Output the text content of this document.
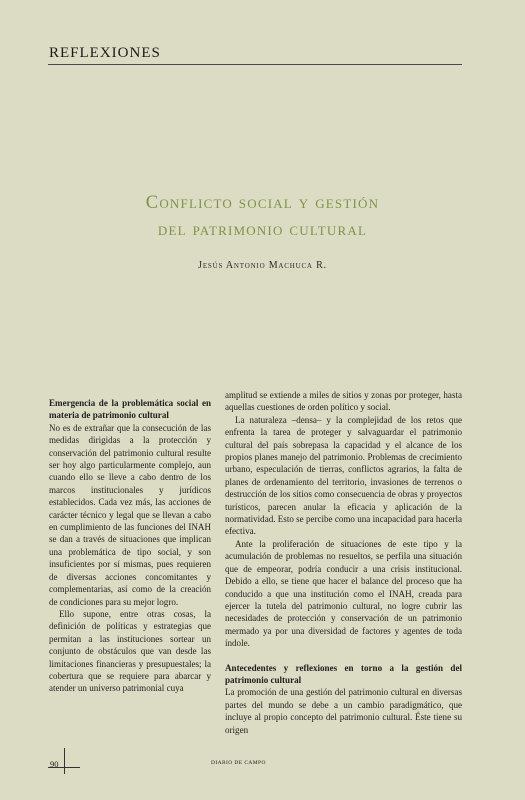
REFLEXIONES
Conflicto social y gestión
del patrimonio cultural
Jesús Antonio Machuca R.

Emergencia de la problemática social en materia de patrimonio cultural

No es de extrañar que la consecución de las medidas dirigidas a la protección y conservación del patrimonio cultural resulte ser hoy algo particularmente complejo, aun cuando ello se lleve a cabo dentro de los marcos institucionales y jurídicos establecidos. Cada vez más, las acciones de carácter técnico y legal que se llevan a cabo en cumplimiento de las funciones del INAH se dan a través de situaciones que implican una problemática de tipo social, y son insuficientes por sí mismas, pues requieren de diversas acciones concomitantes y complementarias, así como de la creación de condiciones para su mejor logro.

Ello supone, entre otras cosas, la definición de políticas y estrategias que permitan a las instituciones sortear un conjunto de obstáculos que van desde las limitaciones financieras y presupuestales; la cobertura que se requiere para abarcar y atender un universo patrimonial cuya

amplitud se extiende a miles de sitios y zonas por proteger, hasta aquellas cuestiones de orden político y social.

La naturaleza –densa– y la complejidad de los retos que enfrenta la tarea de proteger y salvaguardar el patrimonio cultural del país sobrepasa la capacidad y el alcance de los propios planes manejo del patrimonio. Problemas de crecimiento urbano, especulación de tierras, conflictos agrarios, la falta de planes de ordenamiento del territorio, invasiones de terrenos o destrucción de los sitios como consecuencia de obras y proyectos turísticos, parecen anular la eficacia y aplicación de la normatividad. Esto se percibe como una incapacidad para hacerla efectiva.

Ante la proliferación de situaciones de este tipo y la acumulación de problemas no resueltos, se perfila una situación que de empeorar, podría conducir a una crisis institucional. Debido a ello, se tiene que hacer el balance del proceso que ha conducido a que una institución como el INAH, creada para ejercer la tutela del patrimonio cultural, no logre cubrir las necesidades de protección y conservación de un patrimonio mermado ya por una diversidad de factores y agentes de toda índole.

Antecedentes y reflexiones en torno a la gestión del patrimonio cultural

La promoción de una gestión del patrimonio cultural en diversas partes del mundo se debe a un cambio paradigmático, que incluye al propio concepto del patrimonio cultural. Éste tiene su origen

90	DIARIO DE CAMPO
